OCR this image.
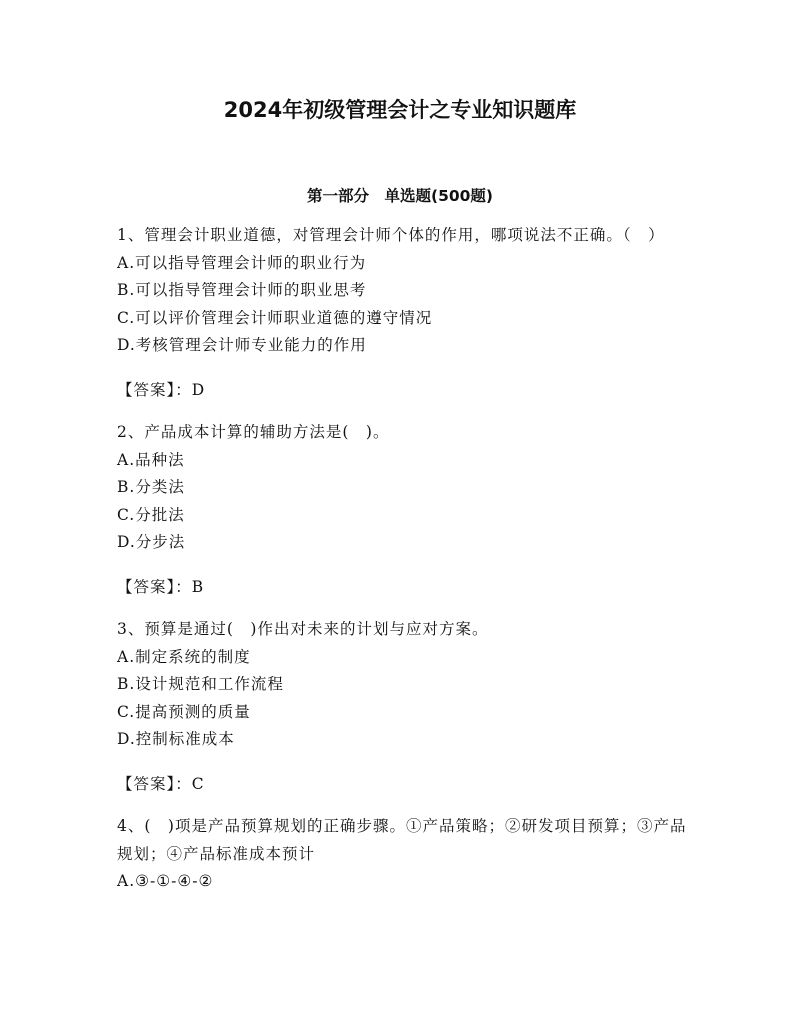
2024年初级管理会计之专业知识题库
第一部分　单选题(500题)

1、管理会计职业道德，对管理会计师个体的作用，哪项说法不正确。（　）

A.可以指导管理会计师的职业行为

B.可以指导管理会计师的职业思考

C.可以评价管理会计师职业道德的遵守情况

D.考核管理会计师专业能力的作用

【答案】：D

2、产品成本计算的辅助方法是(　)。

A.品种法

B.分类法

C.分批法

D.分步法

【答案】：B

3、预算是通过(　)作出对未来的计划与应对方案。

A.制定系统的制度

B.设计规范和工作流程

C.提高预测的质量

D.控制标准成本

【答案】：C

4、(　)项是产品预算规划的正确步骤。①产品策略；②研发项目预算；③产品规划；④产品标准成本预计

A.③-①-④-②
